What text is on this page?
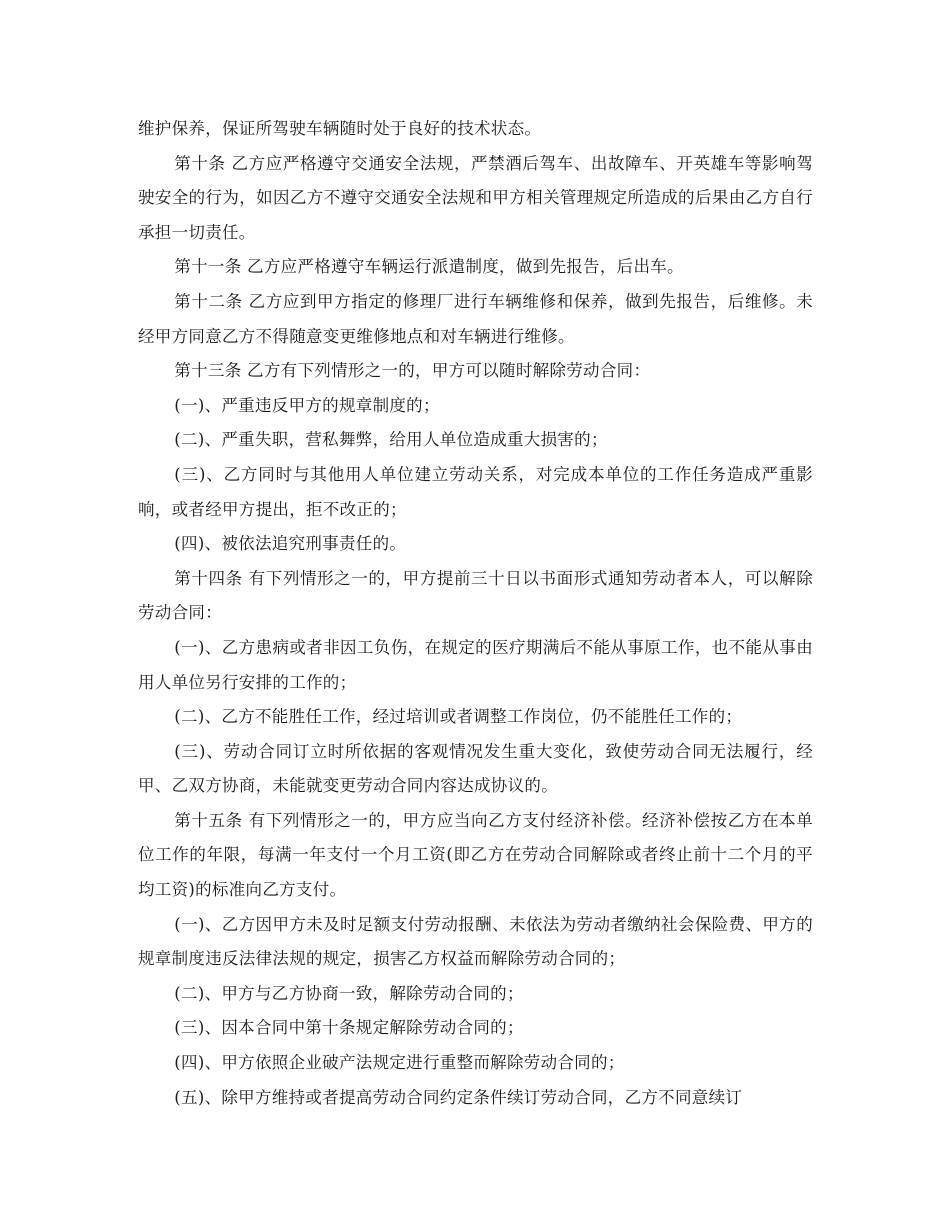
维护保养，保证所驾驶车辆随时处于良好的技术状态。

第十条 乙方应严格遵守交通安全法规，严禁酒后驾车、出故障车、开英雄车等影响驾驶安全的行为，如因乙方不遵守交通安全法规和甲方相关管理规定所造成的后果由乙方自行承担一切责任。

第十一条 乙方应严格遵守车辆运行派遣制度，做到先报告，后出车。

第十二条 乙方应到甲方指定的修理厂进行车辆维修和保养，做到先报告，后维修。未经甲方同意乙方不得随意变更维修地点和对车辆进行维修。

第十三条 乙方有下列情形之一的，甲方可以随时解除劳动合同：

(一)、严重违反甲方的规章制度的；

(二)、严重失职，营私舞弊，给用人单位造成重大损害的；

(三)、乙方同时与其他用人单位建立劳动关系，对完成本单位的工作任务造成严重影响，或者经甲方提出，拒不改正的；

(四)、被依法追究刑事责任的。

第十四条 有下列情形之一的，甲方提前三十日以书面形式通知劳动者本人，可以解除劳动合同：

(一)、乙方患病或者非因工负伤，在规定的医疗期满后不能从事原工作，也不能从事由用人单位另行安排的工作的；

(二)、乙方不能胜任工作，经过培训或者调整工作岗位，仍不能胜任工作的；

(三)、劳动合同订立时所依据的客观情况发生重大变化，致使劳动合同无法履行，经甲、乙双方协商，未能就变更劳动合同内容达成协议的。

第十五条 有下列情形之一的，甲方应当向乙方支付经济补偿。经济补偿按乙方在本单位工作的年限，每满一年支付一个月工资(即乙方在劳动合同解除或者终止前十二个月的平均工资)的标准向乙方支付。

(一)、乙方因甲方未及时足额支付劳动报酬、未依法为劳动者缴纳社会保险费、甲方的规章制度违反法律法规的规定，损害乙方权益而解除劳动合同的；

(二)、甲方与乙方协商一致，解除劳动合同的；

(三)、因本合同中第十条规定解除劳动合同的；

(四)、甲方依照企业破产法规定进行重整而解除劳动合同的；

(五)、除甲方维持或者提高劳动合同约定条件续订劳动合同，乙方不同意续订
